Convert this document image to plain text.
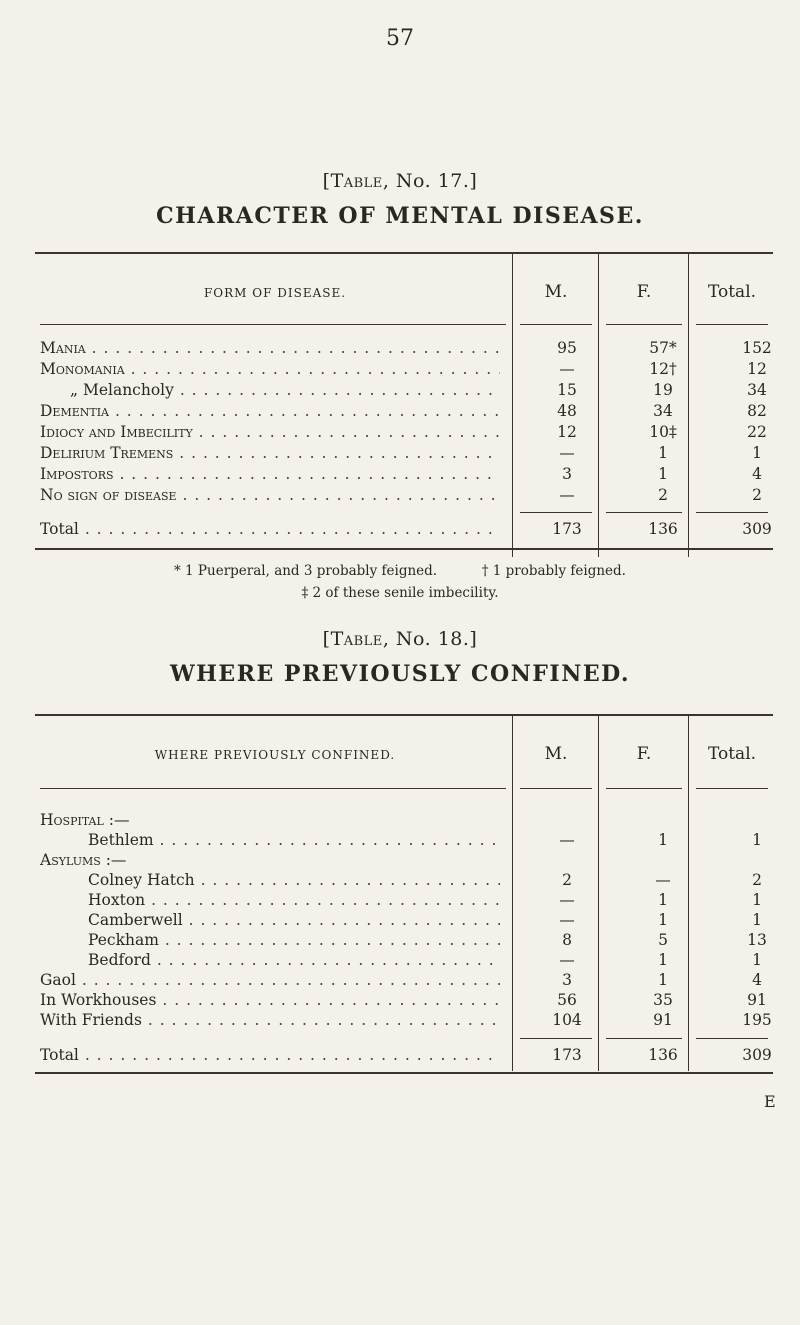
57
[Table, No. 17.]
CHARACTER OF MENTAL DISEASE.
FORM OF DISEASE.	M.	F.	Total.
Mania . . .	95	57*	152
Monomania . . .	—	12†	12
„ Melancholy . . .	15	19	34
Dementia . . .	48	34	82
Idiocy and Imbecility . . .	12	10‡	22
Delirium Tremens . . .	—	1	1
Impostors . . .	3	1	4
No sign of disease . . .	—	2	2
Total . . .	173	136	309
* 1 Puerperal, and 3 probably feigned.	† 1 probably feigned.
‡ 2 of these senile imbecility.
[Table, No. 18.]
WHERE PREVIOUSLY CONFINED.
WHERE PREVIOUSLY CONFINED.	M.	F.	Total.
Hospital :—
Bethlem . . .	—	1	1
Asylums :—
Colney Hatch . . .	2	—	2
Hoxton . . .	—	1	1
Camberwell . . .	—	1	1
Peckham . . .	8	5	13
Bedford . . .	—	1	1
Gaol . . .	3	1	4
In Workhouses . . .	56	35	91
With Friends . . .	104	91	195
Total . . .	173	136	309
E
